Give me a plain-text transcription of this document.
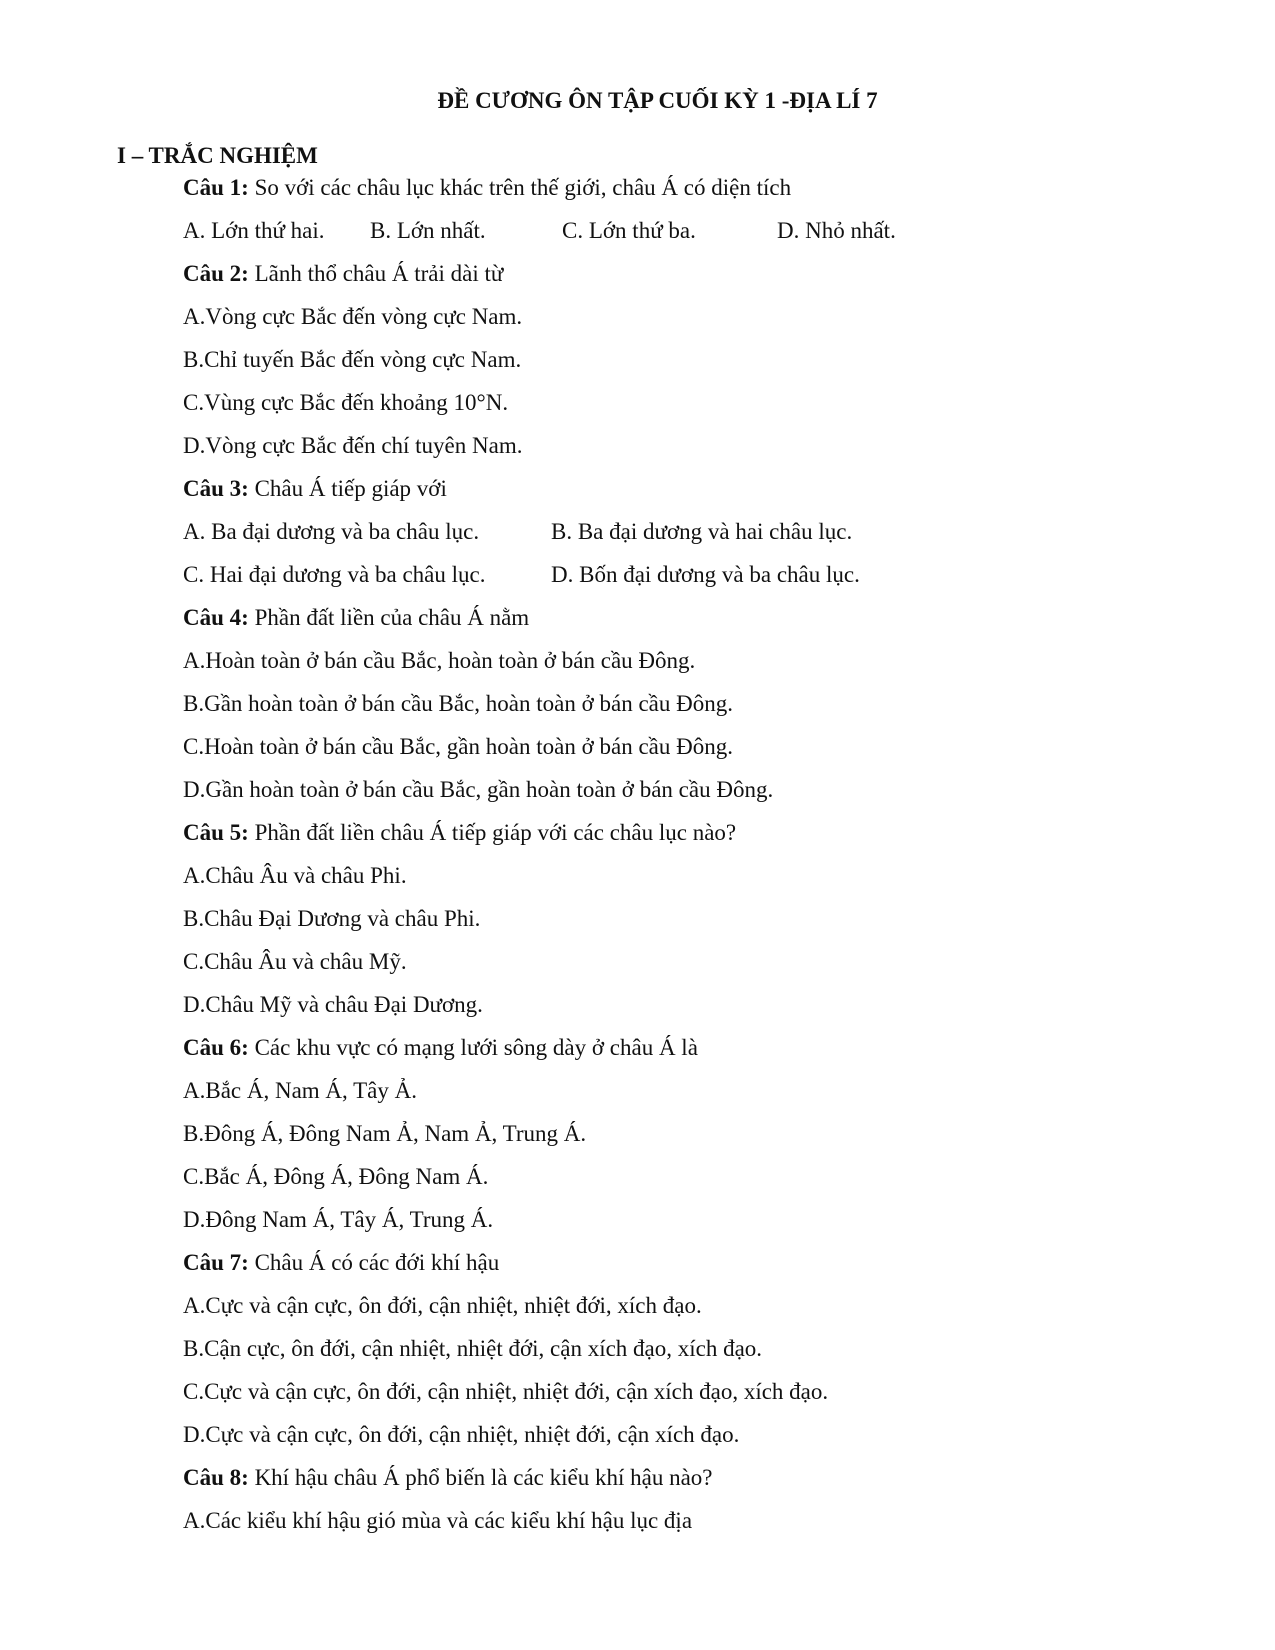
ĐỀ CƯƠNG ÔN TẬP CUỐI KỲ 1 -ĐỊA LÍ 7
I – TRẮC NGHIỆM
Câu 1: So với các châu lục khác trên thế giới, châu Á có diện tích
A. Lớn thứ hai.	B. Lớn nhất.	C. Lớn thứ ba.	D. Nhỏ nhất.
Câu 2: Lãnh thổ châu Á trải dài từ
A.Vòng cực Bắc đến vòng cực Nam.
B.Chỉ tuyến Bắc đến vòng cực Nam.
C.Vùng cực Bắc đến khoảng 10°N.
D.Vòng cực Bắc đến chí tuyên Nam.
Câu 3: Châu Á tiếp giáp với
A. Ba đại dương và ba châu lục.	B. Ba đại dương và hai châu lục.
C. Hai đại dương và ba châu lục.	D. Bốn đại dương và ba châu lục.
Câu 4: Phần đất liền của châu Á nằm
A.Hoàn toàn ở bán cầu Bắc, hoàn toàn ở bán cầu Đông.
B.Gần hoàn toàn ở bán cầu Bắc, hoàn toàn ở bán cầu Đông.
C.Hoàn toàn ở bán cầu Bắc, gần hoàn toàn ở bán cầu Đông.
D.Gần hoàn toàn ở bán cầu Bắc, gần hoàn toàn ở bán cầu Đông.
Câu 5: Phần đất liền châu Á tiếp giáp với các châu lục nào?
A.Châu Âu và châu Phi.
B.Châu Đại Dương và châu Phi.
C.Châu Âu và châu Mỹ.
D.Châu Mỹ và châu Đại Dương.
Câu 6: Các khu vực có mạng lưới sông dày ở châu Á là
A.Bắc Á, Nam Á, Tây Ả.
B.Đông Á, Đông Nam Ả, Nam Ả, Trung Á.
C.Bắc Á, Đông Á, Đông Nam Á.
D.Đông Nam Á, Tây Á, Trung Á.
Câu 7: Châu Á có các đới khí hậu
A.Cực và cận cực, ôn đới, cận nhiệt, nhiệt đới, xích đạo.
B.Cận cực, ôn đới, cận nhiệt, nhiệt đới, cận xích đạo, xích đạo.
C.Cực và cận cực, ôn đới, cận nhiệt, nhiệt đới, cận xích đạo, xích đạo.
D.Cực và cận cực, ôn đới, cận nhiệt, nhiệt đới, cận xích đạo.
Câu 8: Khí hậu châu Á phổ biến là các kiểu khí hậu nào?
A.Các kiểu khí hậu gió mùa và các kiểu khí hậu lục địa
